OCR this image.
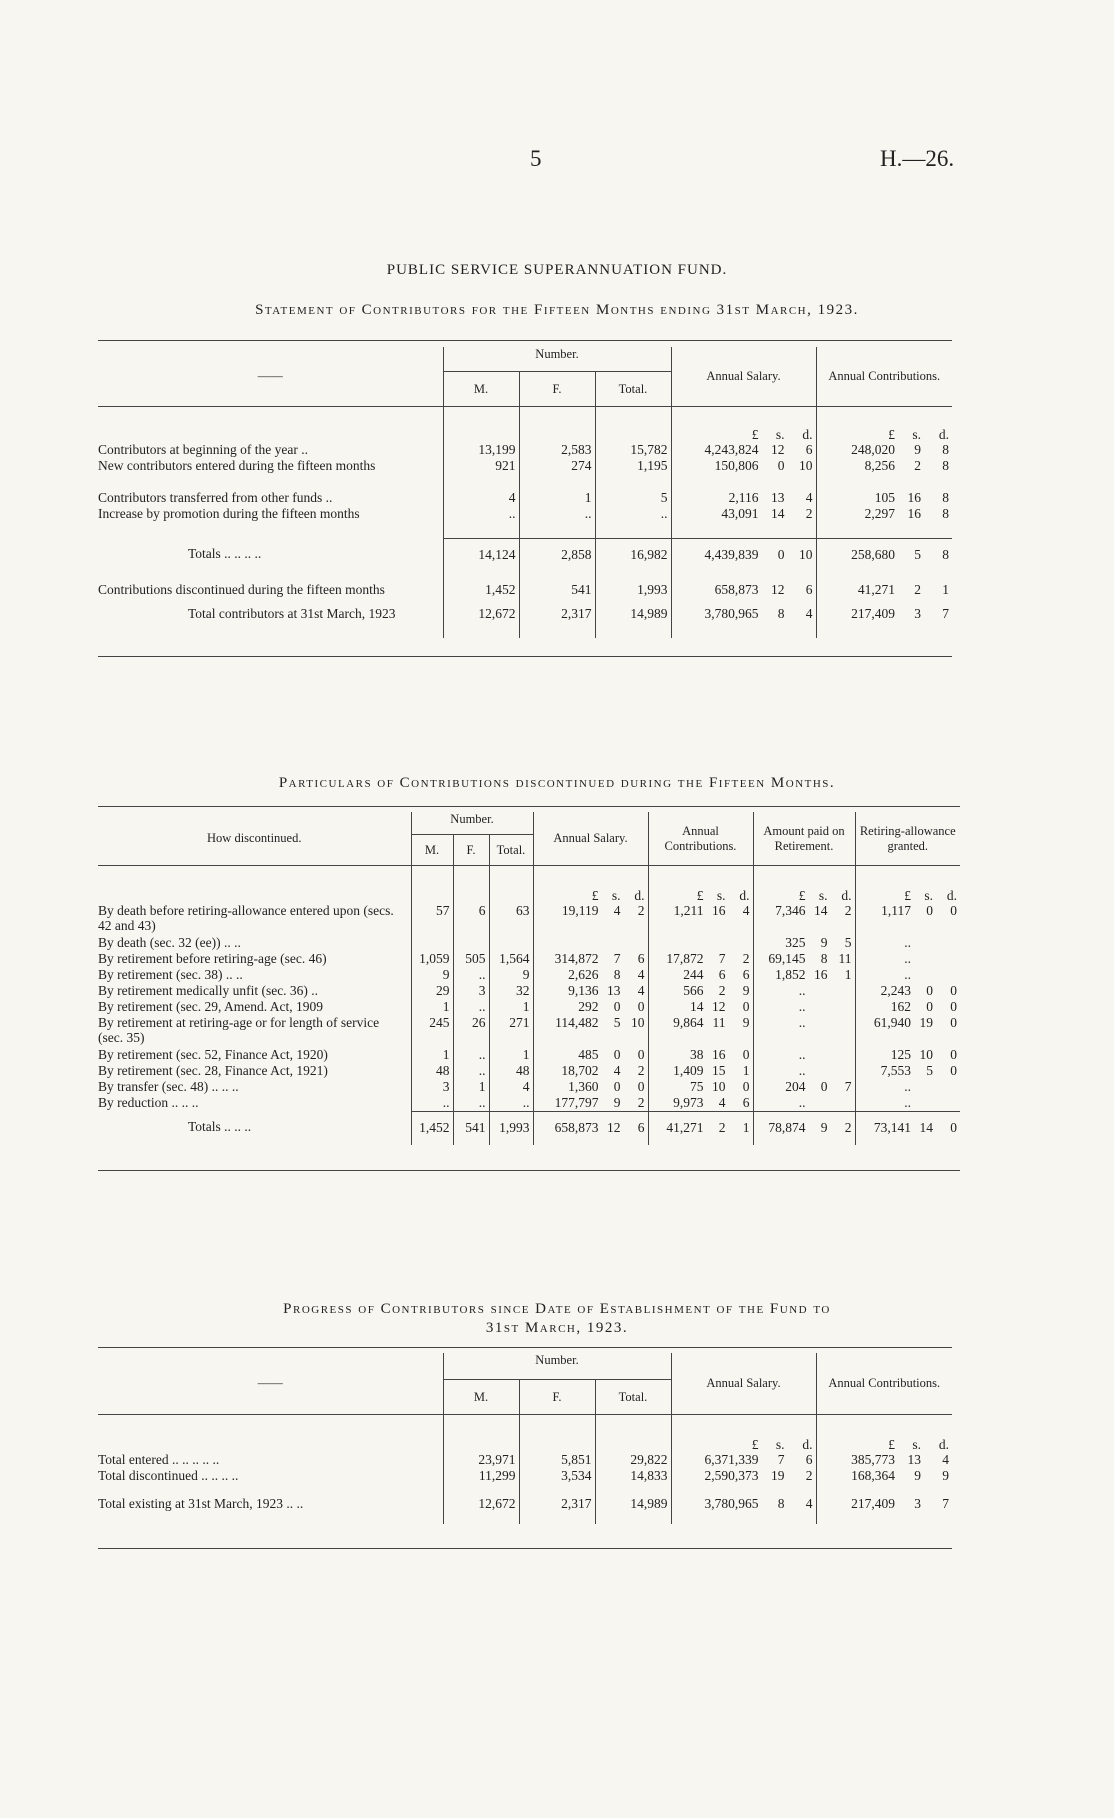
5	H.—26.
PUBLIC SERVICE SUPERANNUATION FUND.
Statement of Contributors for the Fifteen Months ending 31st March, 1923.
——	Number.			Annual Salary.	Annual Contributions.
	M.	F.	Total.		

				£ s. d.	£ s. d.
Contributors at beginning of the year ..	13,199	2,583	15,782	4,243,824 12 6	248,020 9 8
New contributors entered during the fifteen months	921	274	1,195	150,806 0 10	8,256 2 8
Contributors transferred from other funds ..	4	1	5	2,116 13 4	105 16 8
Increase by promotion during the fifteen months	..	..	..	43,091 14 2	2,297 16 8
Totals .. .. .. ..	14,124	2,858	16,982	4,439,839 0 10	258,680 5 8
Contributions discontinued during the fifteen months	1,452	541	1,993	658,873 12 6	41,271 2 1
Total contributors at 31st March, 1923	12,672	2,317	14,989	3,780,965 8 4	217,409 3 7
Particulars of Contributions discontinued during the Fifteen Months.
How discontinued.	Number.			Annual Salary.	Annual Contributions.	Amount paid on Retirement.	Retiring-allowance granted.
	M.	F.	Total.				

				£ s. d.	£ s. d.	£ s. d.	£ s. d.
By death before retiring-allowance entered upon (secs. 42 and 43)	57	6	63	19,119 4 2	1,211 16 4	7,346 14 2	1,117 0 0
By death (sec. 32 (ee)) .. ..						325 9 5	..
By retirement before retiring-age (sec. 46)	1,059	505	1,564	314,872 7 6	17,872 7 2	69,145 8 11	..
By retirement (sec. 38) .. ..	9	..	9	2,626 8 4	244 6 6	1,852 16 1	..
By retirement medically unfit (sec. 36) ..	29	3	32	9,136 13 4	566 2 9	..	2,243 0 0
By retirement (sec. 29, Amend. Act, 1909	1	..	1	292 0 0	14 12 0	..	162 0 0
By retirement at retiring-age or for length of service (sec. 35)	245	26	271	114,482 5 10	9,864 11 9	..	61,940 19 0
By retirement (sec. 52, Finance Act, 1920)	1	..	1	485 0 0	38 16 0	..	125 10 0
By retirement (sec. 28, Finance Act, 1921)	48	..	48	18,702 4 2	1,409 15 1	..	7,553 5 0
By transfer (sec. 48) .. .. ..	3	1	4	1,360 0 0	75 10 0	204 0 7	..
By reduction .. .. ..	..	..	..	177,797 9 2	9,973 4 6	..	..
Totals .. .. ..	1,452	541	1,993	658,873 12 6	41,271 2 1	78,874 9 2	73,141 14 0
Progress of Contributors since Date of Establishment of the Fund to
31st March, 1923.
——	Number.			Annual Salary.	Annual Contributions.
	M.	F.	Total.		

				£ s. d.	£ s. d.
Total entered .. .. .. .. ..	23,971	5,851	29,822	6,371,339 7 6	385,773 13 4
Total discontinued .. .. .. ..	11,299	3,534	14,833	2,590,373 19 2	168,364 9 9
Total existing at 31st March, 1923 .. ..	12,672	2,317	14,989	3,780,965 8 4	217,409 3 7
